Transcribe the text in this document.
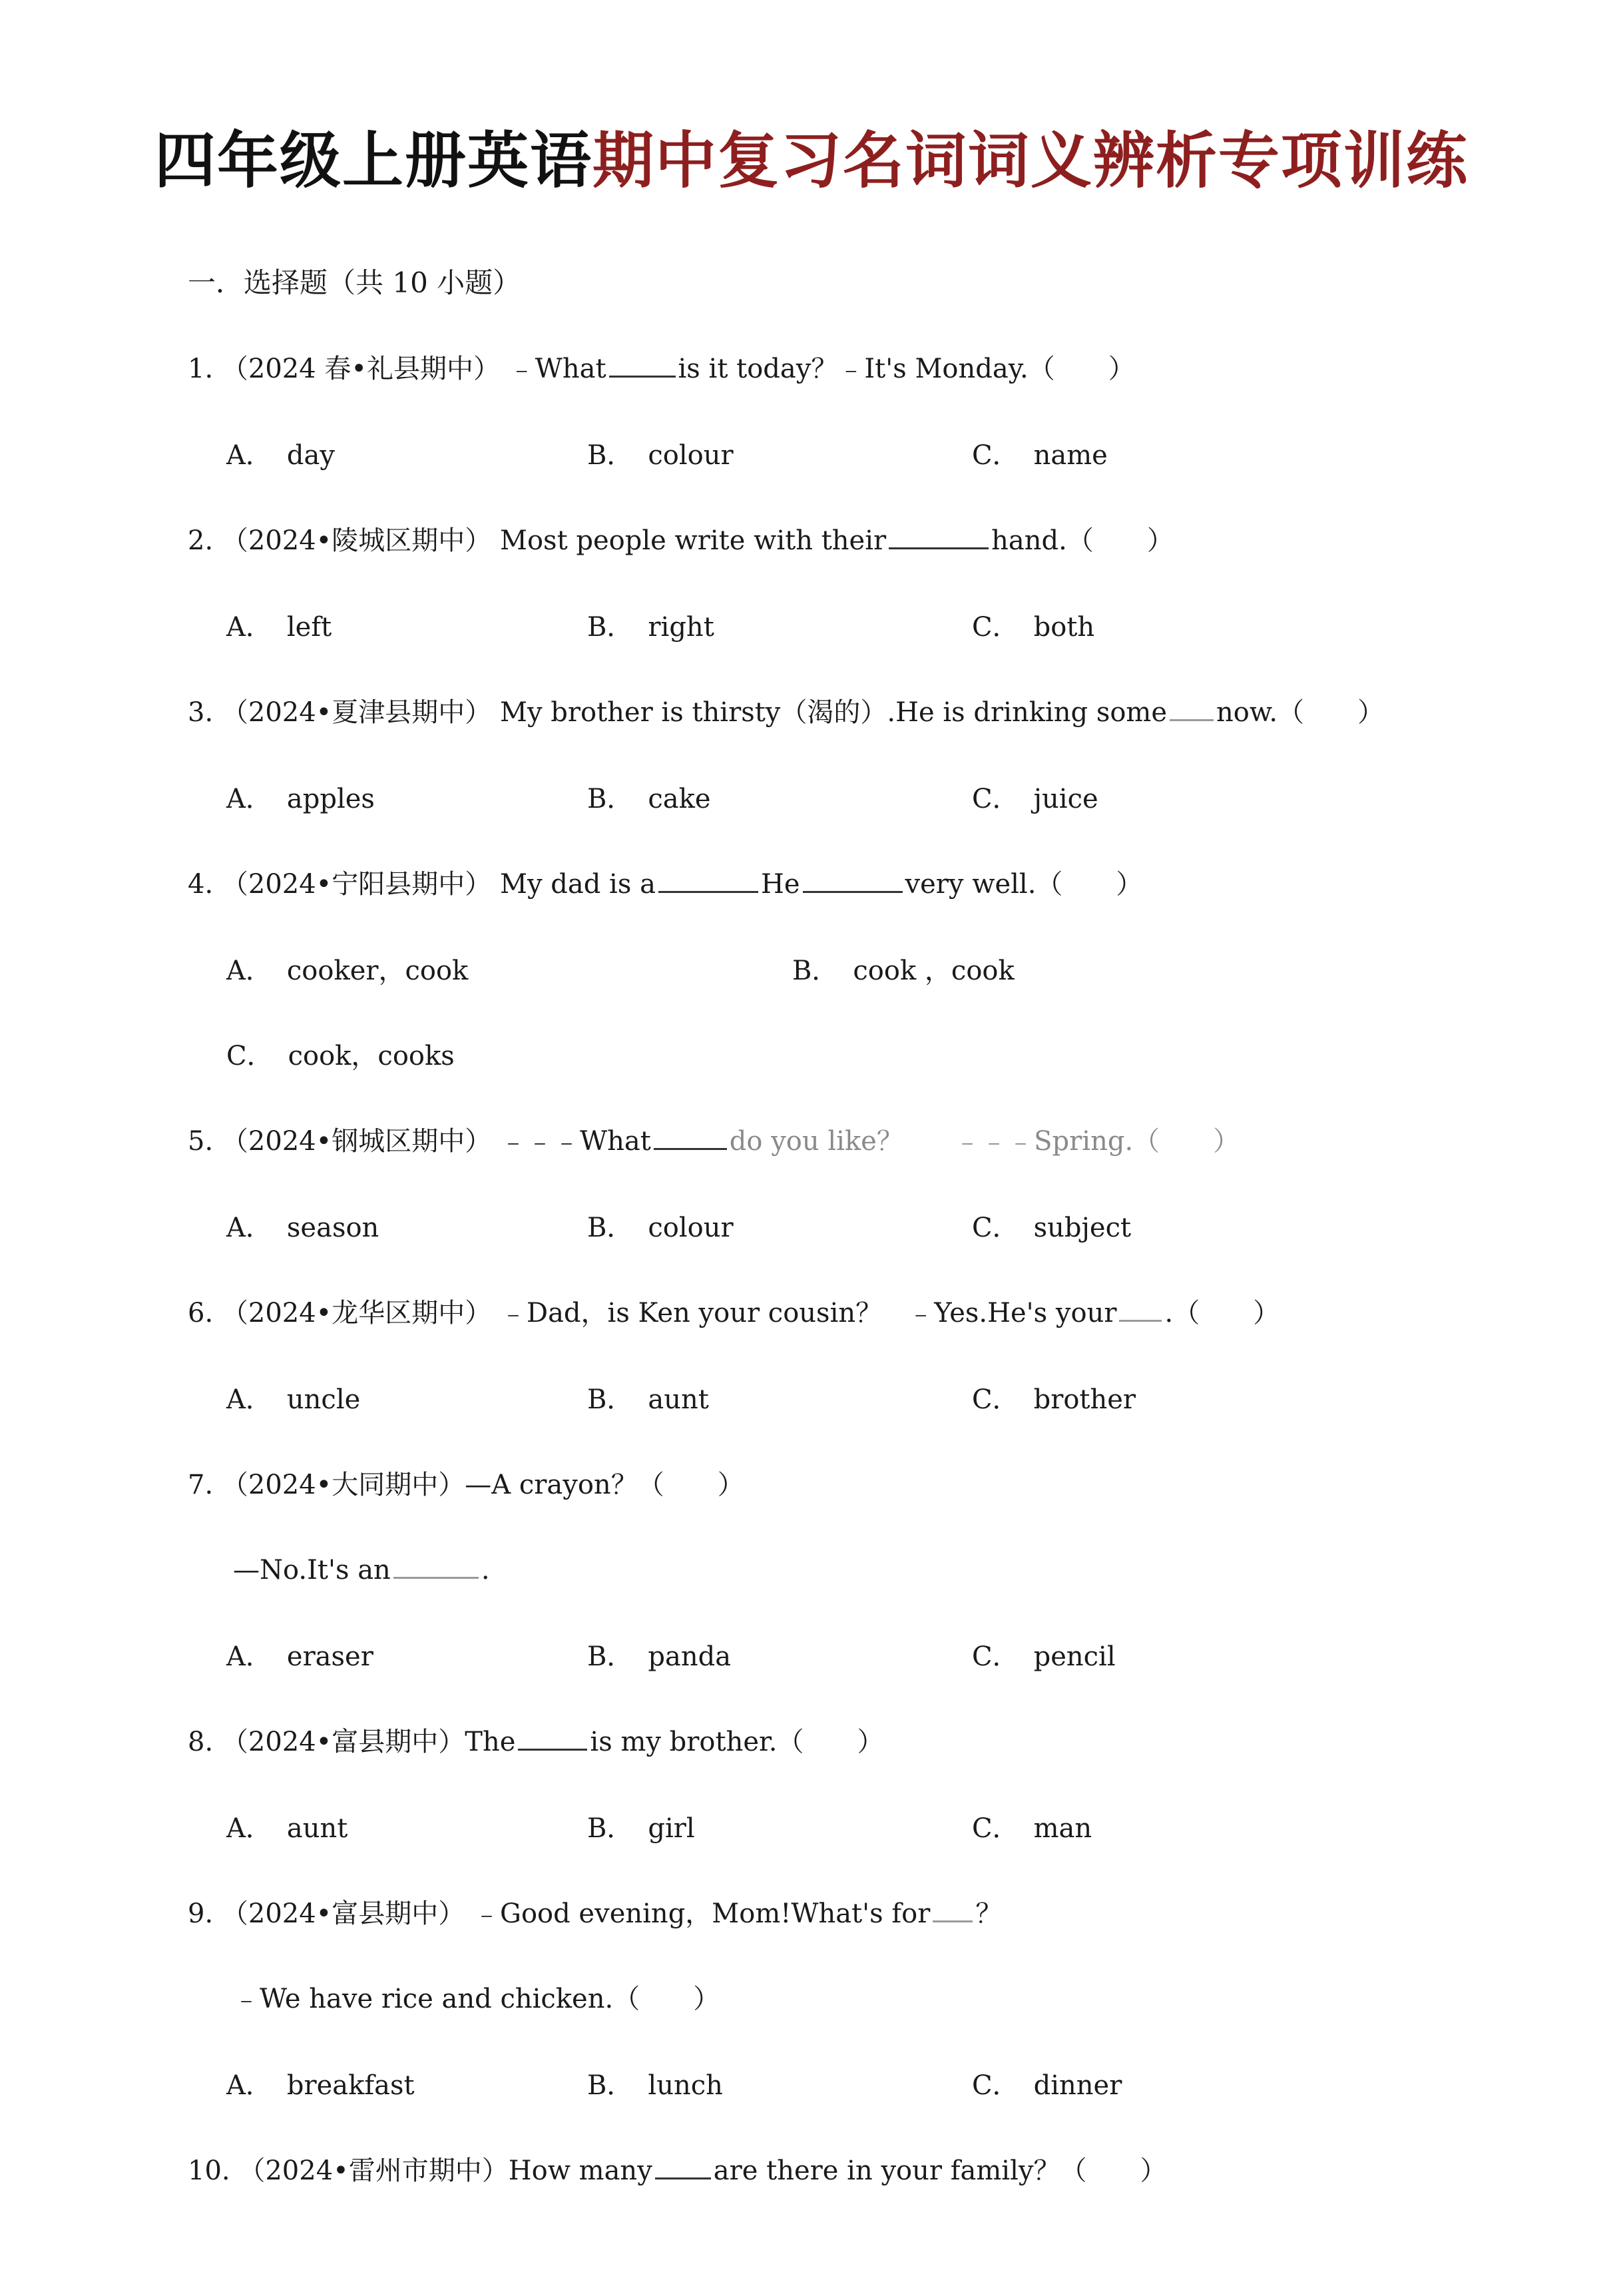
四年级上册英语期中复习名词词义辨析专项训练
一．选择题（共 10 小题）
1. （2024 春•礼县期中） ﹣What	is it today？﹣It's Monday.（　　）
A． day	B． colour	C． name
2. （2024•陵城区期中） Most people write with their	hand.（　　）
A． left	B． right	C． both
3. （2024•夏津县期中） My brother is thirsty（渴的）.He is drinking some now.（　　）
A． apples	B． cake	C． juice
4. （2024•宁阳县期中） My dad is a	He	very well.（　　）
A． cooker，cook	B． cook ，cook
C． cook，cooks
5. （2024•钢城区期中） ﹣﹣﹣What	do you like？ ﹣﹣﹣Spring.（　　）
A． season	B． colour	C． subject
6. （2024•龙华区期中） ﹣Dad，is Ken your cousin？ ﹣Yes.He's your .（　　）
A． uncle	B． aunt	C． brother
7. （2024•大同期中）—A crayon？（　　）
—No.It's an	.
A． eraser	B． panda	C． pencil
8. （2024•富县期中）The	is my brother.（　　）
A． aunt	B． girl	C． man
9. （2024•富县期中） ﹣Good evening，Mom!What's for ？
﹣We have rice and chicken.（　　）
A． breakfast	B． lunch	C． dinner
10. （2024•雷州市期中）How many are there in your family？（　　）
